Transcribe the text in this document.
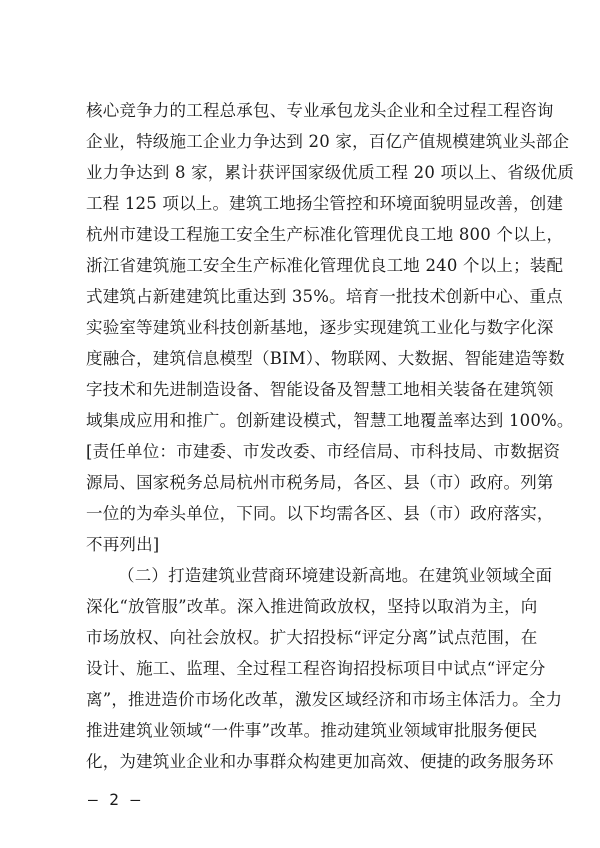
核心竞争力的工程总承包、专业承包龙头企业和全过程工程咨询
企业，特级施工企业力争达到 20 家，百亿产值规模建筑业头部企
业力争达到 8 家，累计获评国家级优质工程 20 项以上、省级优质
工程 125 项以上。建筑工地扬尘管控和环境面貌明显改善，创建
杭州市建设工程施工安全生产标准化管理优良工地 800 个以上，
浙江省建筑施工安全生产标准化管理优良工地 240 个以上；装配
式建筑占新建建筑比重达到 35%。培育一批技术创新中心、重点
实验室等建筑业科技创新基地，逐步实现建筑工业化与数字化深
度融合，建筑信息模型（BIM）、物联网、大数据、智能建造等数
字技术和先进制造设备、智能设备及智慧工地相关装备在建筑领
域集成应用和推广。创新建设模式，智慧工地覆盖率达到 100%。
[责任单位：市建委、市发改委、市经信局、市科技局、市数据资
源局、国家税务总局杭州市税务局，各区、县（市）政府。列第
一位的为牵头单位，下同。以下均需各区、县（市）政府落实，
不再列出]
（二）打造建筑业营商环境建设新高地。在建筑业领域全面
深化“放管服”改革。深入推进简政放权，坚持以取消为主，向
市场放权、向社会放权。扩大招投标“评定分离”试点范围，在
设计、施工、监理、全过程工程咨询招投标项目中试点“评定分
离”，推进造价市场化改革，激发区域经济和市场主体活力。全力
推进建筑业领域“一件事”改革。推动建筑业领域审批服务便民
化，为建筑业企业和办事群众构建更加高效、便捷的政务服务环
— 2 —
